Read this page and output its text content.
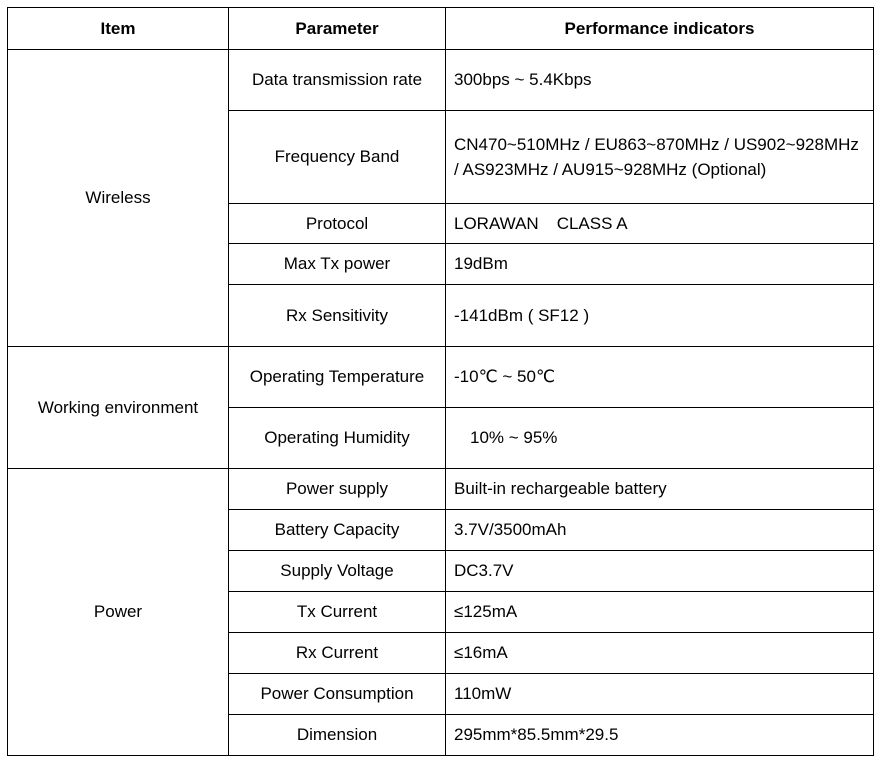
Item	Parameter	Performance indicators
Wireless	Data transmission rate	300bps ~ 5.4Kbps
	Frequency Band	CN470~510MHz / EU863~870MHz / US902~928MHz / AS923MHz / AU915~928MHz (Optional)
	Protocol	LORAWAN CLASS A
	Max Tx power	19dBm
	Rx Sensitivity	-141dBm ( SF12 )
Working environment	Operating Temperature	-10℃ ~ 50℃
	Operating Humidity	10% ~ 95%
Power	Power supply	Built-in rechargeable battery
	Battery Capacity	3.7V/3500mAh
	Supply Voltage	DC3.7V
	Tx Current	≤125mA
	Rx Current	≤16mA
	Power Consumption	110mW
	Dimension	295mm*85.5mm*29.5
